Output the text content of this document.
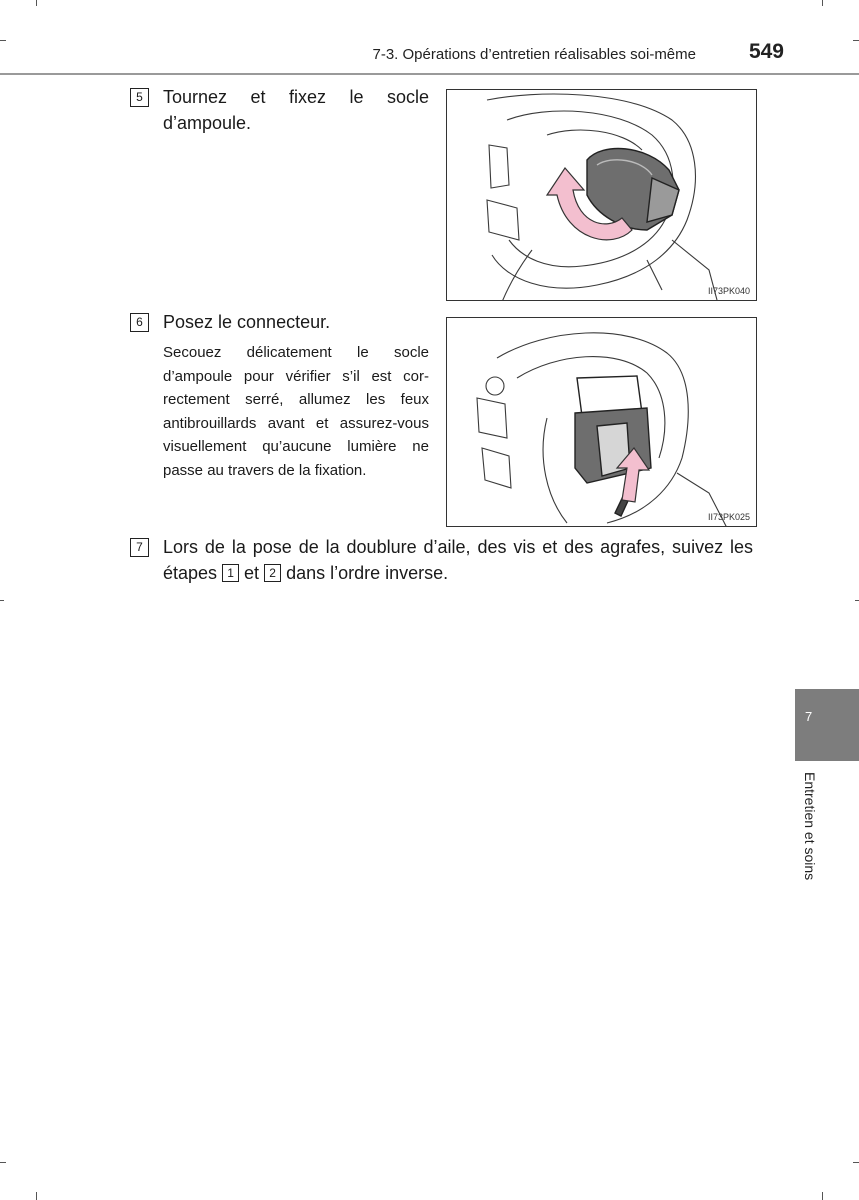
7-3. Opérations d’entretien réalisables soi-même	549
5	Tournez et fixez le socle d’ampoule.
II73PK040
6	Posez le connecteur.
Secouez délicatement le socle d’ampoule pour vérifier s’il est correctement serré, allumez les feux antibrouillards avant et assurez-vous visuellement qu’aucune lumière ne passe au travers de la fixation.
II73PK025
7	Lors de la pose de la doublure d’aile, des vis et des agrafes, suivez les étapes 1 et 2 dans l’ordre inverse.
7
Entretien et soins
